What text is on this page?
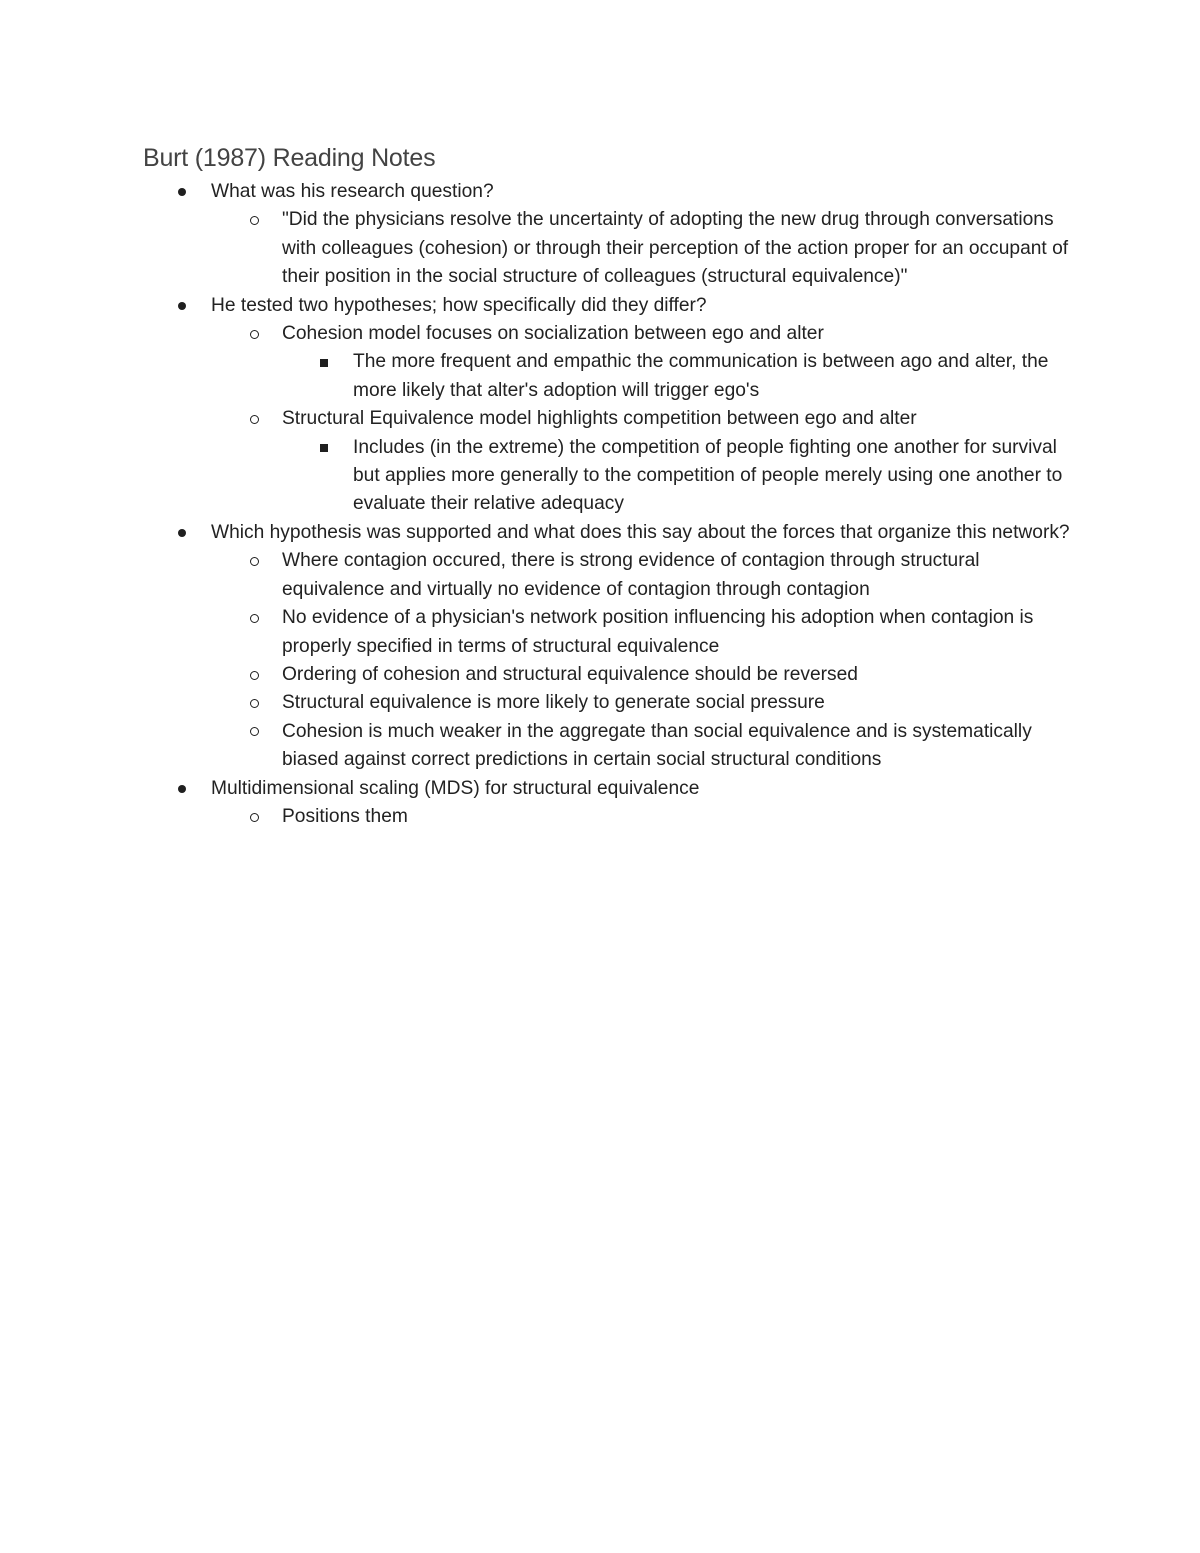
Burt (1987) Reading Notes
What was his research question?
"Did the physicians resolve the uncertainty of adopting the new drug through conversations with colleagues (cohesion) or through their perception of the action proper for an occupant of their position in the social structure of colleagues (structural equivalence)"
He tested two hypotheses; how specifically did they differ?
Cohesion model focuses on socialization between ego and alter
The more frequent and empathic the communication is between ago and alter, the more likely that alter's adoption will trigger ego's
Structural Equivalence model highlights competition between ego and alter
Includes (in the extreme) the competition of people fighting one another for survival but applies more generally to the competition of people merely using one another to evaluate their relative adequacy
Which hypothesis was supported and what does this say about the forces that organize this network?
Where contagion occured, there is strong evidence of contagion through structural equivalence and virtually no evidence of contagion through contagion
No evidence of a physician's network position influencing his adoption when contagion is properly specified in terms of structural equivalence
Ordering of cohesion and structural equivalence should be reversed
Structural equivalence is more likely to generate social pressure
Cohesion is much weaker in the aggregate than social equivalence and is systematically biased against correct predictions in certain social structural conditions
Multidimensional scaling (MDS) for structural equivalence
Positions them
